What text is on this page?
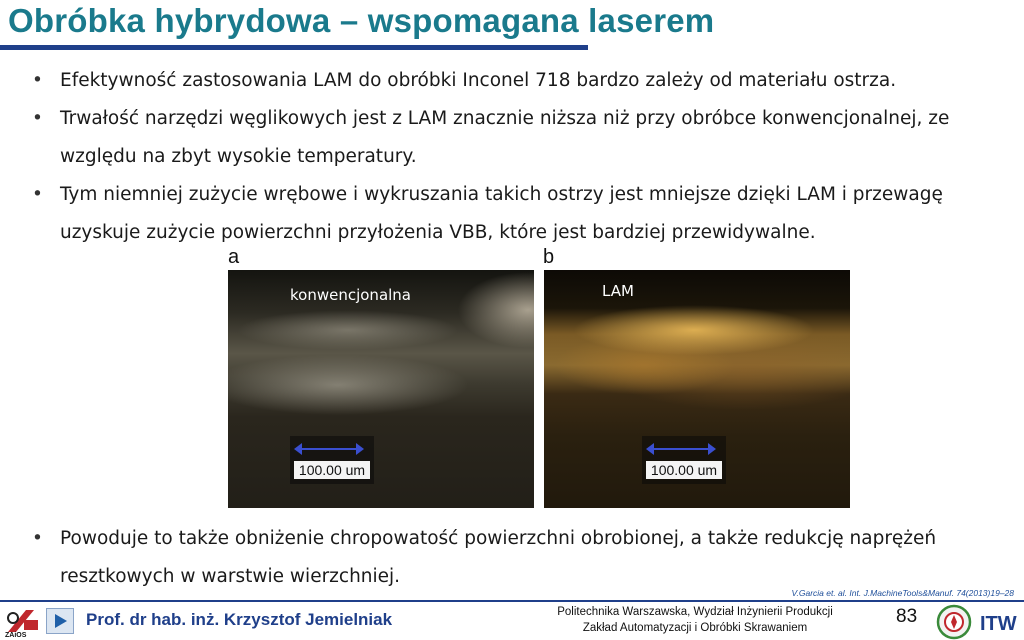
Obróbka hybrydowa – wspomagana laserem
• Efektywność zastosowania LAM do obróbki Inconel 718 bardzo zależy od materiału ostrza.
• Trwałość narzędzi węglikowych jest z LAM znacznie niższa niż przy obróbce konwencjonalnej, ze względu na zbyt wysokie temperatury.
• Tym niemniej zużycie wrębowe i wykruszania takich ostrzy jest mniejsze dzięki LAM i przewagę uzyskuje zużycie powierzchni przyłożenia VBB, które jest bardziej przewidywalne.
a	b
konwencjonalna
100.00 um
LAM
100.00 um
• Powoduje to także obniżenie chropowatość powierzchni obrobionej, a także redukcję naprężeń resztkowych w warstwie wierzchniej.
V.Garcia et. al. Int. J.MachineTools&Manuf. 74(2013)19–28
ZAiOS
Prof. dr hab. inż. Krzysztof Jemielniak	Politechnika Warszawska, Wydział Inżynierii Produkcji
Zakład Automatyzacji i Obróbki Skrawaniem
83	ITW
